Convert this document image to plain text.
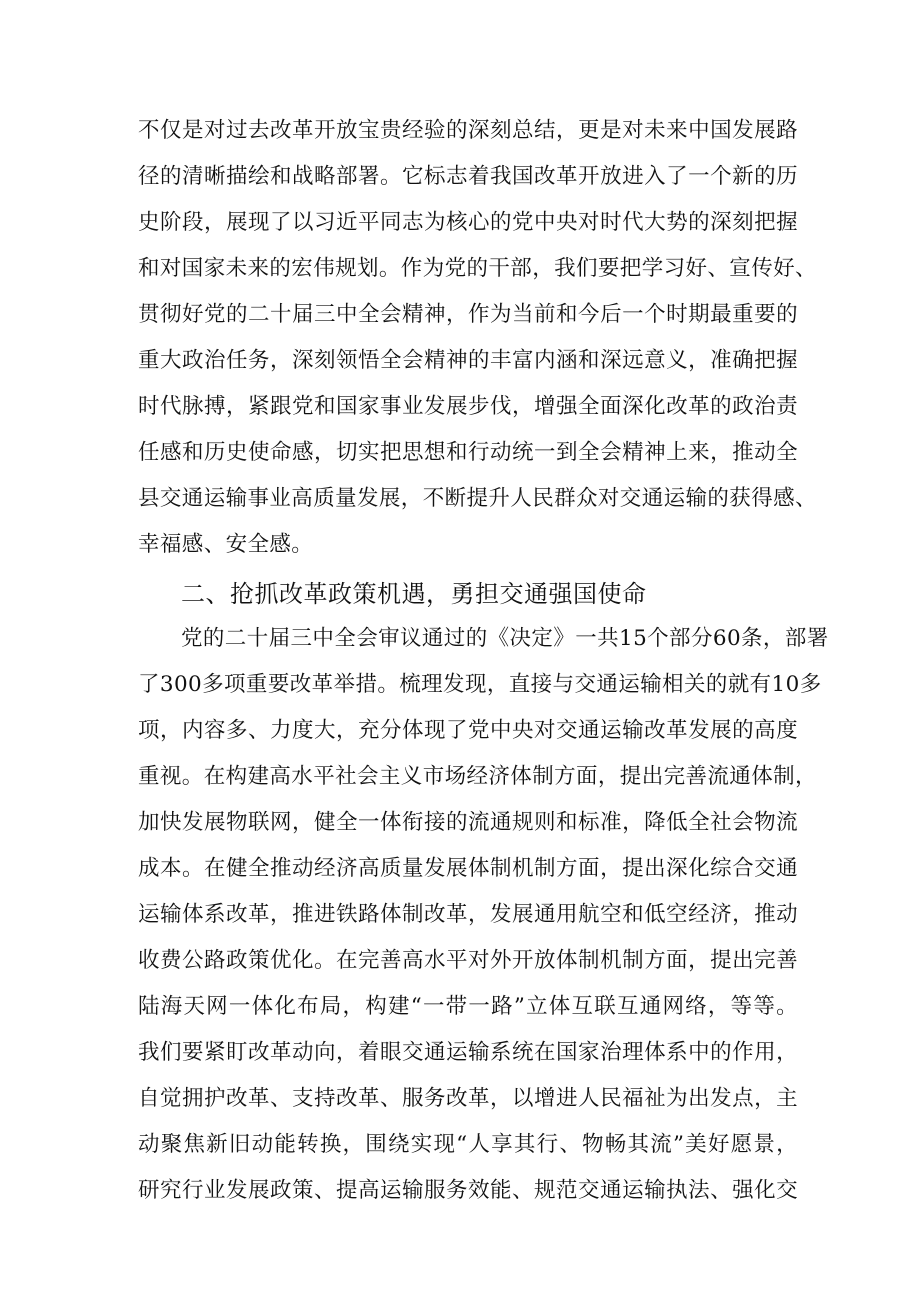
不仅是对过去改革开放宝贵经验的深刻总结，更是对未来中国发展路
径的清晰描绘和战略部署。它标志着我国改革开放进入了一个新的历
史阶段，展现了以习近平同志为核心的党中央对时代大势的深刻把握
和对国家未来的宏伟规划。作为党的干部，我们要把学习好、宣传好、
贯彻好党的二十届三中全会精神，作为当前和今后一个时期最重要的
重大政治任务，深刻领悟全会精神的丰富内涵和深远意义，准确把握
时代脉搏，紧跟党和国家事业发展步伐，增强全面深化改革的政治责
任感和历史使命感，切实把思想和行动统一到全会精神上来，推动全
县交通运输事业高质量发展，不断提升人民群众对交通运输的获得感、
幸福感、安全感。
二、抢抓改革政策机遇，勇担交通强国使命
党的二十届三中全会审议通过的《决定》一共15个部分60条，部署
了300多项重要改革举措。梳理发现，直接与交通运输相关的就有10多
项，内容多、力度大，充分体现了党中央对交通运输改革发展的高度
重视。在构建高水平社会主义市场经济体制方面，提出完善流通体制，
加快发展物联网，健全一体衔接的流通规则和标准，降低全社会物流
成本。在健全推动经济高质量发展体制机制方面，提出深化综合交通
运输体系改革，推进铁路体制改革，发展通用航空和低空经济，推动
收费公路政策优化。在完善高水平对外开放体制机制方面，提出完善
陆海天网一体化布局，构建“一带一路”立体互联互通网络，等等。
我们要紧盯改革动向，着眼交通运输系统在国家治理体系中的作用，
自觉拥护改革、支持改革、服务改革，以增进人民福祉为出发点，主
动聚焦新旧动能转换，围绕实现“人享其行、物畅其流”美好愿景，
研究行业发展政策、提高运输服务效能、规范交通运输执法、强化交
